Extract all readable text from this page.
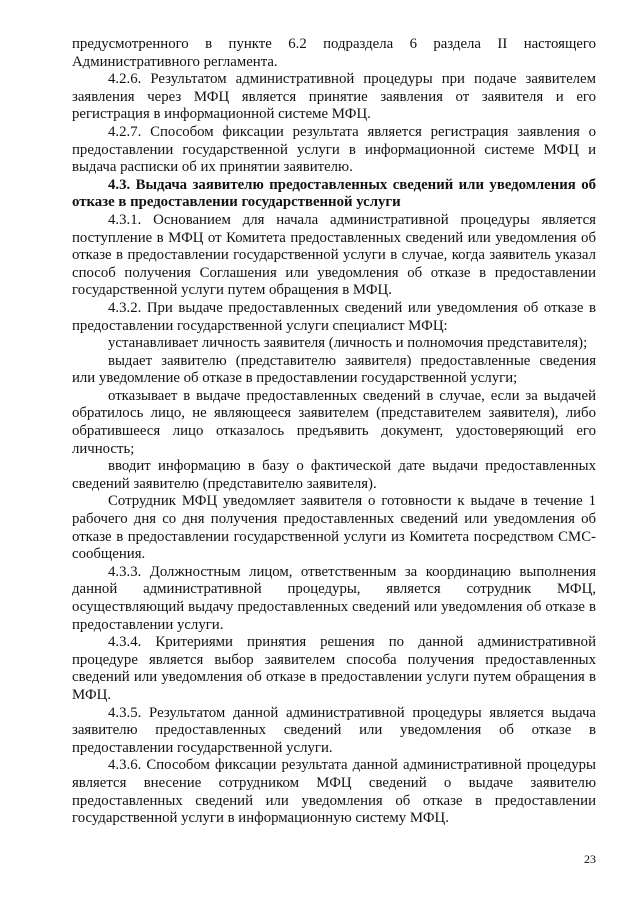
предусмотренного в пункте 6.2 подраздела 6 раздела II настоящего Административного регламента.

4.2.6. Результатом административной процедуры при подаче заявителем заявления через МФЦ является принятие заявления от заявителя и его регистрация в информационной системе МФЦ.

4.2.7. Способом фиксации результата является регистрация заявления о предоставлении государственной услуги в информационной системе МФЦ и выдача расписки об их принятии заявителю.

4.3. Выдача заявителю предоставленных сведений или уведомления об отказе в предоставлении государственной услуги

4.3.1. Основанием для начала административной процедуры является поступление в МФЦ от Комитета предоставленных сведений или уведомления об отказе в предоставлении государственной услуги в случае, когда заявитель указал способ получения Соглашения или уведомления об отказе в предоставлении государственной услуги путем обращения в МФЦ.

4.3.2. При выдаче предоставленных сведений или уведомления об отказе в предоставлении государственной услуги специалист МФЦ:

устанавливает личность заявителя (личность и полномочия представителя);

выдает заявителю (представителю заявителя) предоставленные сведения или уведомление об отказе в предоставлении государственной услуги;

отказывает в выдаче предоставленных сведений в случае, если за выдачей обратилось лицо, не являющееся заявителем (представителем заявителя), либо обратившееся лицо отказалось предъявить документ, удостоверяющий его личность;

вводит информацию в базу о фактической дате выдачи предоставленных сведений заявителю (представителю заявителя).

Сотрудник МФЦ уведомляет заявителя о готовности к выдаче в течение 1 рабочего дня со дня получения предоставленных сведений или уведомления об отказе в предоставлении государственной услуги из Комитета посредством СМС-сообщения.

4.3.3. Должностным лицом, ответственным за координацию выполнения данной административной процедуры, является сотрудник МФЦ, осуществляющий выдачу предоставленных сведений или уведомления об отказе в предоставлении услуги.

4.3.4. Критериями принятия решения по данной административной процедуре является выбор заявителем способа получения предоставленных сведений или уведомления об отказе в предоставлении услуги путем обращения в МФЦ.

4.3.5. Результатом данной административной процедуры является выдача заявителю предоставленных сведений или уведомления об отказе в предоставлении государственной услуги.

4.3.6. Способом фиксации результата данной административной процедуры является внесение сотрудником МФЦ сведений о выдаче заявителю предоставленных сведений или уведомления об отказе в предоставлении государственной услуги в информационную систему МФЦ.

23
